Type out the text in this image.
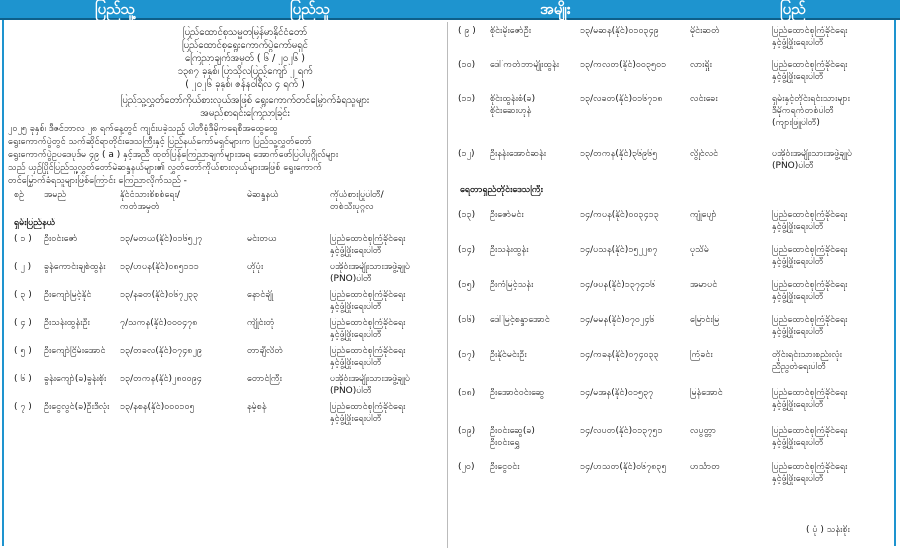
ပြည်သူ့	ပြည်သူ	အမျိုး	ပြည်
ပြည်ထောင်စုသမ္မတမြန်မာနိုင်ငံတော်
ပြည်ထောင်စုရွေးကောက်ပွဲကော်မရှင်
ကြေညာချက်အမှတ် ( ၆ / ၂၀၂၆ )
၁၃၈၇ ခုနှစ်၊ ပြာသိုလပြည့်ကျော် ၂ ရက်
( ၂၀၂၆ ခုနှစ်၊ ဇန်နဝါရီလ ၄ ရက် )
ပြည်သူ့လွှတ်တော်ကိုယ်စားလှယ်အဖြစ် ရွေးကောက်တင်မြှောက်ခံရသူများ
အမည်စာရင်းကြေညာခြင်း
၂၀၂၅ ခုနှစ်၊ ဒီဇင်ဘာလ ၂၈ ရက်နေ့တွင် ကျင်းပခဲ့သည့် ပါတီစုံဒီမိုကရေစီအထွေထွေ
ရွေးကောက်ပွဲတွင် သက်ဆိုင်ရာတိုင်းဒေသကြီးနှင့် ပြည်နယ်ကော်မရှင်များက ပြည်သူ့လွှတ်တော်
ရွေးကောက်ပွဲဥပဒေပုဒ်မ ၄၉ ( a ) နှင့်အညီ ထုတ်ပြန်ကြေညာချက်များအရ အောက်ဖော်ပြပါပုဂ္ဂိုလ်များ
သည် ယှဉ်ပြိုင်ပြည်သူ့လွှတ်တော်မဲဆန္ဒနယ်များ၏ လွှတ်တော်ကိုယ်စားလှယ်များအဖြစ် ရွေးကောက်
တင်မြှောက်ခံရသူများဖြစ်ကြောင်း ကြေညာလိုက်သည် -
စဉ်	အမည်	နိုင်ငံသားစိစစ်ရေး/
ကတ်အမှတ်
မဲဆန္ဒနယ်	ကိုယ်စားပြုပါတီ/
တစ်သီးပုဂ္ဂလ
ရှမ်းပြည်နယ်
( ၁ )	ဦးဝင်းဇော်	၁၃/မတယ(နိုင်)၀၁၆၅၂၇	မင်းတယ	ပြည်ထောင်စုကြံခိုင်ရေး
နှင့်ဖွံ့ဖြိုးရေးပါတီ
( ၂ )	ခွန်ကောင်းချစ်ထွန်း	၁၃/ဟပန(နိုင်)၀၈၅၁၁၁	ဟိုပုံး	ပအိုဝ်းအမျိုးသားအဖွဲ့ချုပ်
(PNO)ပါတီ
( ၃ )	ဦးကျော်မြင့်နိုင်	၁၃/နခတ(နိုင်)၀၆၇၂၃၃	နောင်ချို	ပြည်ထောင်စုကြံခိုင်ရေး
နှင့်ဖွံ့ဖြိုးရေးပါတီ
( ၄ )	ဦးသန်းထွန်းဦး	၇/သကန(နိုင်)၀၀၀၄၇၈	ကျိုင်းတုံ	ပြည်ထောင်စုကြံခိုင်ရေး
နှင့်ဖွံ့ဖြိုးရေးပါတီ
( ၅ )	ဦးကျော်ငြိမ်းအောင်	၁၃/တခလ(နိုင်)၀၇၄၈၂၉	တာချီလိတ်	ပြည်ထောင်စုကြံခိုင်ရေး
နှင့်ဖွံ့ဖြိုးရေးပါတီ
( ၆ )	ခွန်းကျော်(ခ)ခွန်းစိုး	၁၃/တကန(နိုင်)၂၈၀၀၉၄	တောင်ကြီး	ပအိုဝ်းအမျိုးသားအဖွဲ့ချုပ်
(PNO)ပါတီ
( ၇ )	ဦးငွေလွင်(ခ)ဦးဒီလုံး	၁၃/နစန(နိုင်)၀၀၀၁၀၅	နမ့်စန်	ပြည်ထောင်စုကြံခိုင်ရေး
နှင့်ဖွံ့ဖြိုးရေးပါတီ
( ၉ )	စိုင်းမိုးဇော်ဦး	၁၃/မဆန(နိုင်)၀၁၀၃၄၉	မိုင်းဆတ်	ပြည်ထောင်စုကြံခိုင်ရေး
နှင့်ဖွံ့ဖြိုးရေးပါတီ
(၁၀)	ဒေါ်ကတ်ဘာမျိုးထွန်း	၁၃/ကလတ(နိုင်)၀၀၃၅၀၁	လားရှိုး	ပြည်ထောင်စုကြံခိုင်ရေး
နှင့်ဖွံ့ဖြိုးရေးပါတီ
(၁၁)	စိုင်းထွန်းစံ(ခ)
စိုင်းဆေးဟုန်
၁၃/လခတ(နိုင်)၀၁၆၇၁၈	လင်းခေး	ရှမ်းနှင့်တိုင်းရင်းသားများ
ဒီမိုကရက်တစ်ပါတီ
(ကျားဖြူပါတီ)
(၁၂)	ဦးနန်းအောင်ဆန်း	၁၃/တကန(နိုင်)၃၆၉၆၅	လွိုင်လင်	ပအိုဝ်းအမျိုးသားအဖွဲ့ချုပ်
(PNO)ပါတီ
(၁၃)	ဦးဇော်မင်း	၁၄/ကပန(နိုင်)၀၀၃၄၁၃	ကျုံပျော်	ပြည်ထောင်စုကြံခိုင်ရေး
နှင့်ဖွံ့ဖြိုးရေးပါတီ
(၁၄)	ဦးသန်းထွန်း	၁၄/ပသန(နိုင်)၁၅၂၂၈၇	ပုသိမ်	ပြည်ထောင်စုကြံခိုင်ရေး
နှင့်ဖွံ့ဖြိုးရေးပါတီ
(၁၅)	ဦးကံမြင့်သန်း	၁၄/ဖပန(နိုင်)၁၃၇၄၁၆	အမာပင်	ပြည်ထောင်စုကြံခိုင်ရေး
နှင့်ဖွံ့ဖြိုးရေးပါတီ
(၁၆)	ဒေါ်မြင့်စန္ဒာအောင်	၁၄/မမန(နိုင်)၀၇၀၂၄၆	မြောင်းမြ	ပြည်ထောင်စုကြံခိုင်ရေး
နှင့်ဖွံ့ဖြိုးရေးပါတီ
(၁၇)	ဦးနိုင်မင်းဦး	၁၄/ကခန(နိုင်)၀၇၄၀၃၃	ကြံခင်း	တိုင်းရင်းသားစည်းလုံး
ညီညွတ်ရေးပါတီ
(၁၈)	ဦးအောင်ဝင်းဆွေ	၁၄/မအန(နိုင်)၀၁၅၃၇	မြန်အောင်	ပြည်ထောင်စုကြံခိုင်ရေး
နှင့်ဖွံ့ဖြိုးရေးပါတီ
(၁၉)	ဦးဝင်းဆွေ(ခ)
ဦးဝင်းရွှေ
၁၄/လပတ(နိုင်)၀၁၃၇၅၁	လပွတ္တာ	ပြည်ထောင်စုကြံခိုင်ရေး
နှင့်ဖွံ့ဖြိုးရေးပါတီ
(၂၀)	ဦးငွေဝင်း	၁၄/ဟသတ(နိုင်)၀၆၇၈၃၅	ဟင်္သာတ	ပြည်ထောင်စုကြံခိုင်ရေး
နှင့်ဖွံ့ဖြိုးရေးပါတီ
ရေတာရှည်တိုင်းဒေသကြီး
( ပုံ ) သန်းစိုး
